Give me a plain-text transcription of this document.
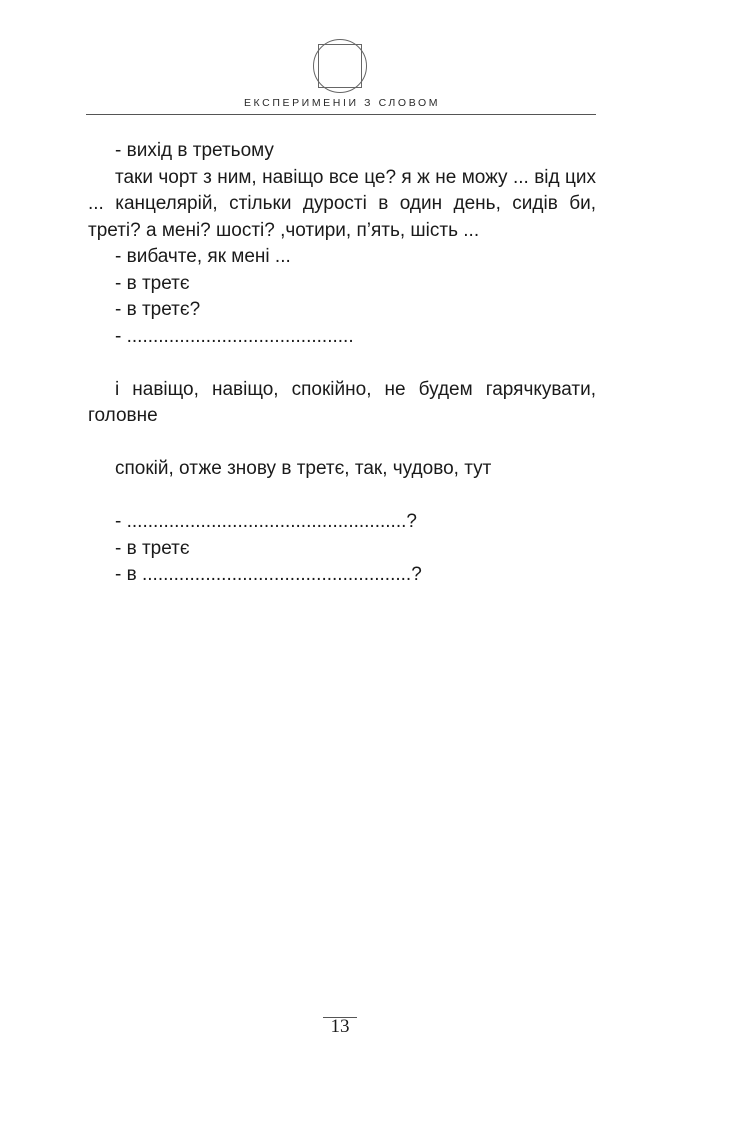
ЕКСПЕРИМЕНІИ З СЛОВОМ

- вихід в третьому

таки чорт з ним, навіщо все це? я ж не можу ... від цих ... канцелярій, стільки дурості в один день, сидів би, треті? а мені? шості? ,чотири, п’ять, шість ...

- вибачте, як мені ...

- в третє

- в третє?

- ...........................................

і навіщо, навіщо, спокійно, не будем гарячкувати, головне

спокій, отже знову в третє, так, чудово, тут

- .....................................................?

- в третє

- в ...................................................?

13
